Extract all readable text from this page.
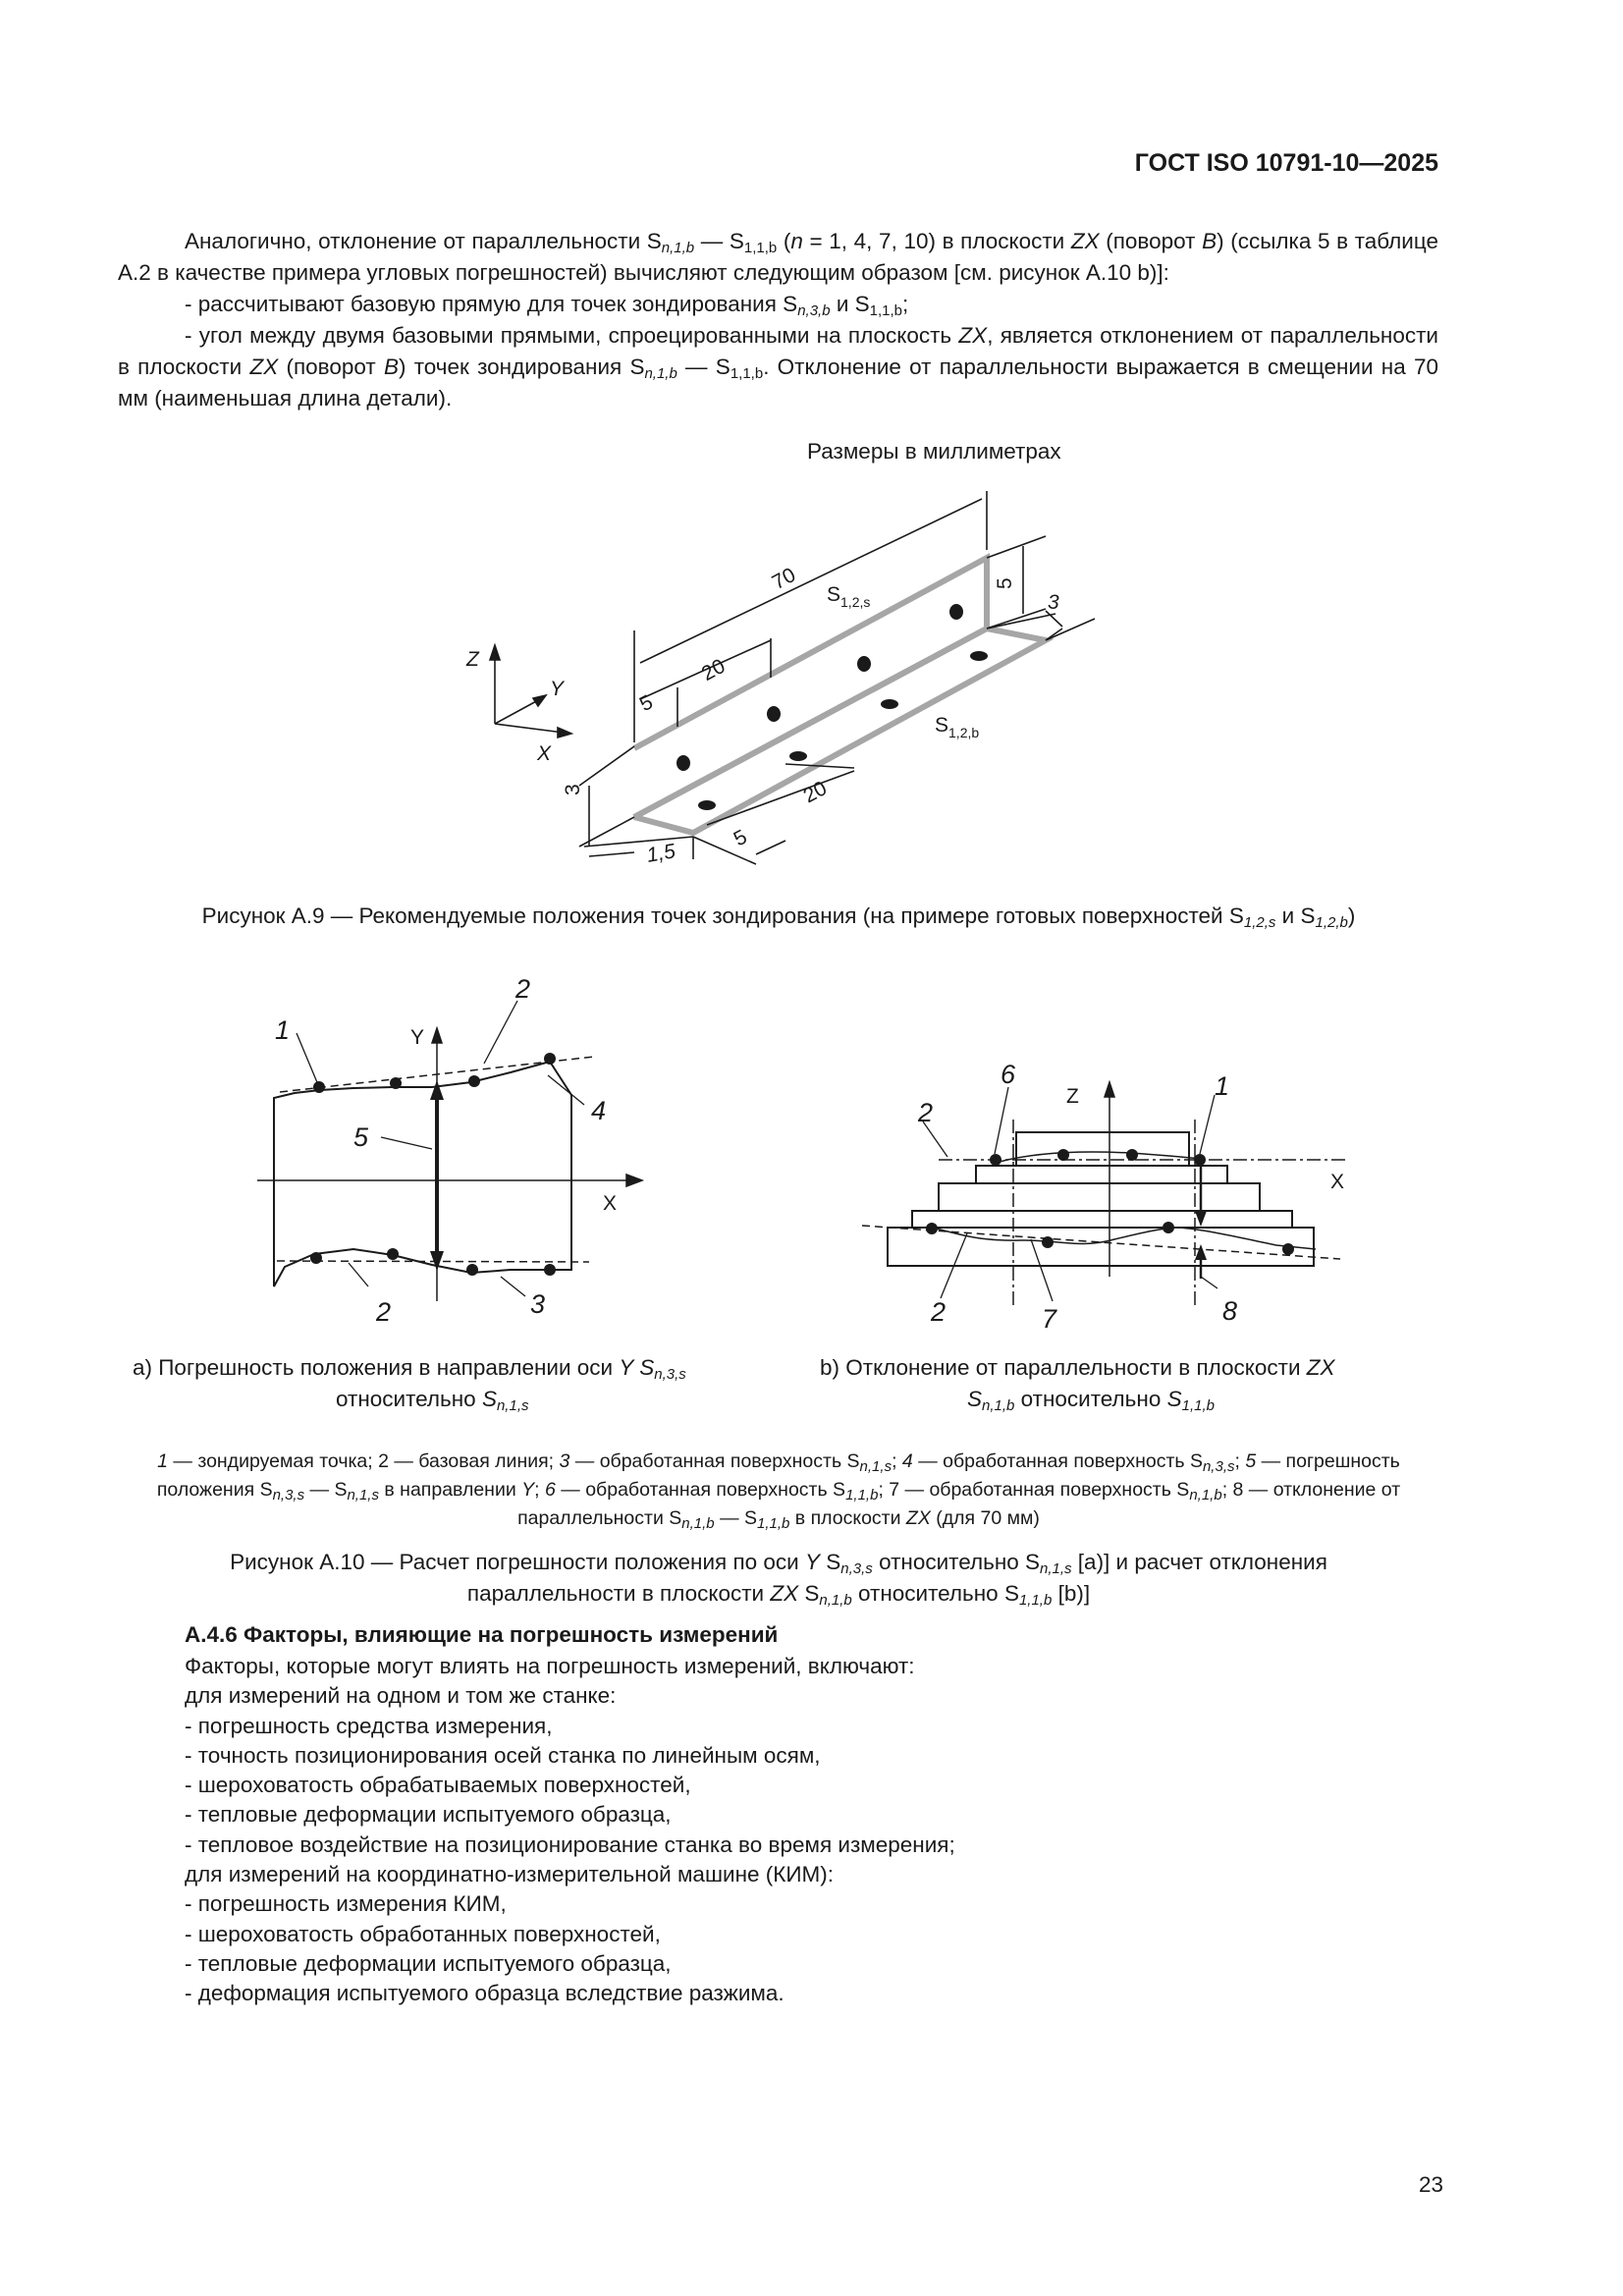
ГОСТ ISO 10791-10—2025
Аналогично, отклонение от параллельности $S_{n,1,b}$ — $S_{1,1,b}$ (n = 1, 4, 7, 10) в плоскости ZX (поворот B) (ссылка 5 в таблице А.2 в качестве примера угловых погрешностей) вычисляют следующим образом [см. рисунок А.10 b)]:
- рассчитывают базовую прямую для точек зондирования $S_{n,3,b}$ и $S_{1,1,b}$;
- угол между двумя базовыми прямыми, спроецированными на плоскость ZX, является отклонением от параллельности в плоскости ZX (поворот B) точек зондирования $S_{n,1,b}$ — $S_{1,1,b}$. Отклонение от параллельности выражается в смещении на 70 мм (наименьшая длина детали).
Размеры в миллиметрах
70	5
3
20
5
3
1,5
5
20
Z
Y
X
$S_{1,2,s}$
$S_{1,2,b}$
Рисунок А.9 — Рекомендуемые положения точек зондирования (на примере готовых поверхностей $S_{1,2,s}$ и $S_{1,2,b}$)
1
2
4
5
2	3
Y
X
6
2
1
2	7	8
Z
X
a) Погрешность положения в направлении оси Y $S_{n,3,s}$
относительно $S_{n,1,s}$
b) Отклонение от параллельности в плоскости ZX
$S_{n,1,b}$ относительно $S_{1,1,b}$
1 — зондируемая точка; 2 — базовая линия; 3 — обработанная поверхность $S_{n,1,s}$; 4 — обработанная поверхность $S_{n,3,s}$; 5 — погрешность положения $S_{n,3,s}$ — $S_{n,1,s}$ в направлении Y; 6 — обработанная поверхность $S_{1,1,b}$; 7 — обработанная поверхность $S_{n,1,b}$; 8 — отклонение от параллельности $S_{n,1,b}$ — $S_{1,1,b}$ в плоскости ZX (для 70 мм)
Рисунок А.10 — Расчет погрешности положения по оси Y $S_{n,3,s}$ относительно $S_{n,1,s}$ [a)] и расчет отклонения
параллельности в плоскости ZX $S_{n,1,b}$ относительно $S_{1,1,b}$ [b)]
А.4.6 Факторы, влияющие на погрешность измерений
Факторы, которые могут влиять на погрешность измерений, включают:
для измерений на одном и том же станке:
- погрешность средства измерения,
- точность позиционирования осей станка по линейным осям,
- шероховатость обрабатываемых поверхностей,
- тепловые деформации испытуемого образца,
- тепловое воздействие на позиционирование станка во время измерения;
для измерений на координатно-измерительной машине (КИМ):
- погрешность измерения КИМ,
- шероховатость обработанных поверхностей,
- тепловые деформации испытуемого образца,
- деформация испытуемого образца вследствие разжима.
23
